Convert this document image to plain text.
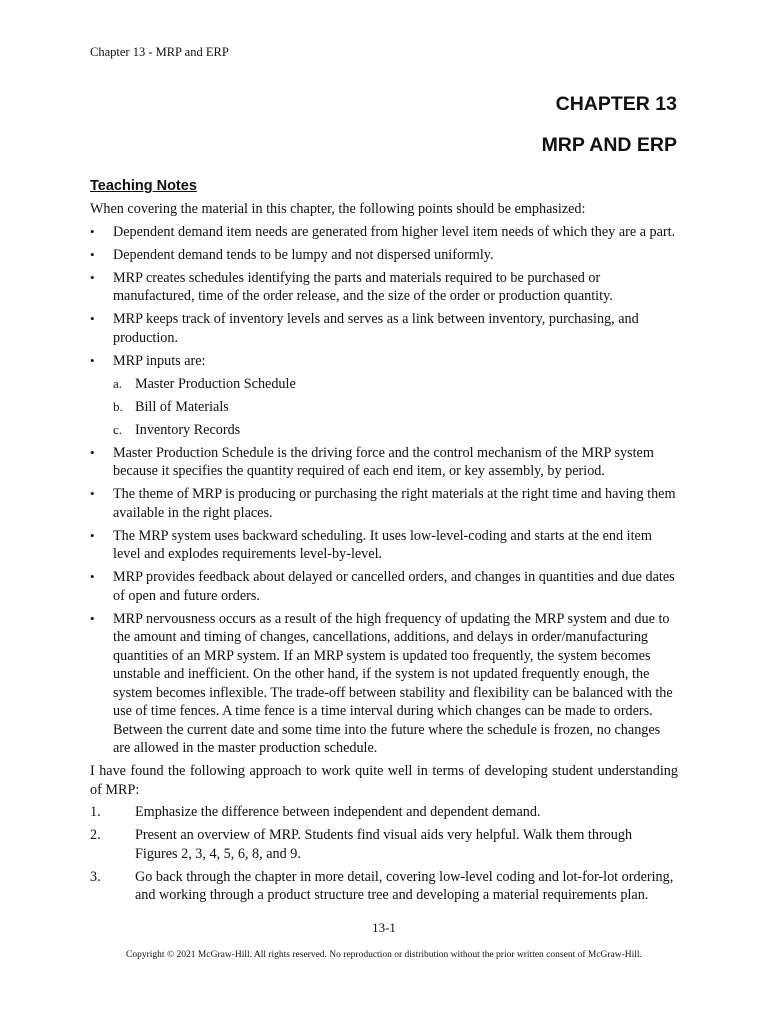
Chapter 13 - MRP and ERP
CHAPTER 13
MRP AND ERP
Teaching Notes
When covering the material in this chapter, the following points should be emphasized:
• Dependent demand item needs are generated from higher level item needs of which they are a part.
• Dependent demand tends to be lumpy and not dispersed uniformly.
• MRP creates schedules identifying the parts and materials required to be purchased or manufactured, time of the order release, and the size of the order or production quantity.
• MRP keeps track of inventory levels and serves as a link between inventory, purchasing, and production.
• MRP inputs are:
a. Master Production Schedule
b. Bill of Materials
c. Inventory Records
• Master Production Schedule is the driving force and the control mechanism of the MRP system because it specifies the quantity required of each end item, or key assembly, by period.
• The theme of MRP is producing or purchasing the right materials at the right time and having them available in the right places.
• The MRP system uses backward scheduling. It uses low-level-coding and starts at the end item level and explodes requirements level-by-level.
• MRP provides feedback about delayed or cancelled orders, and changes in quantities and due dates of open and future orders.
• MRP nervousness occurs as a result of the high frequency of updating the MRP system and due to the amount and timing of changes, cancellations, additions, and delays in order/manufacturing quantities of an MRP system. If an MRP system is updated too frequently, the system becomes unstable and inefficient. On the other hand, if the system is not updated frequently enough, the system becomes inflexible. The trade-off between stability and flexibility can be balanced with the use of time fences. A time fence is a time interval during which changes can be made to orders. Between the current date and some time into the future where the schedule is frozen, no changes are allowed in the master production schedule.
I have found the following approach to work quite well in terms of developing student understanding of MRP:
1. Emphasize the difference between independent and dependent demand.
2. Present an overview of MRP. Students find visual aids very helpful. Walk them through Figures 2, 3, 4, 5, 6, 8, and 9.
3. Go back through the chapter in more detail, covering low-level coding and lot-for-lot ordering, and working through a product structure tree and developing a material requirements plan.
13-1
Copyright © 2021 McGraw-Hill. All rights reserved. No reproduction or distribution without the prior written consent of McGraw-Hill.
